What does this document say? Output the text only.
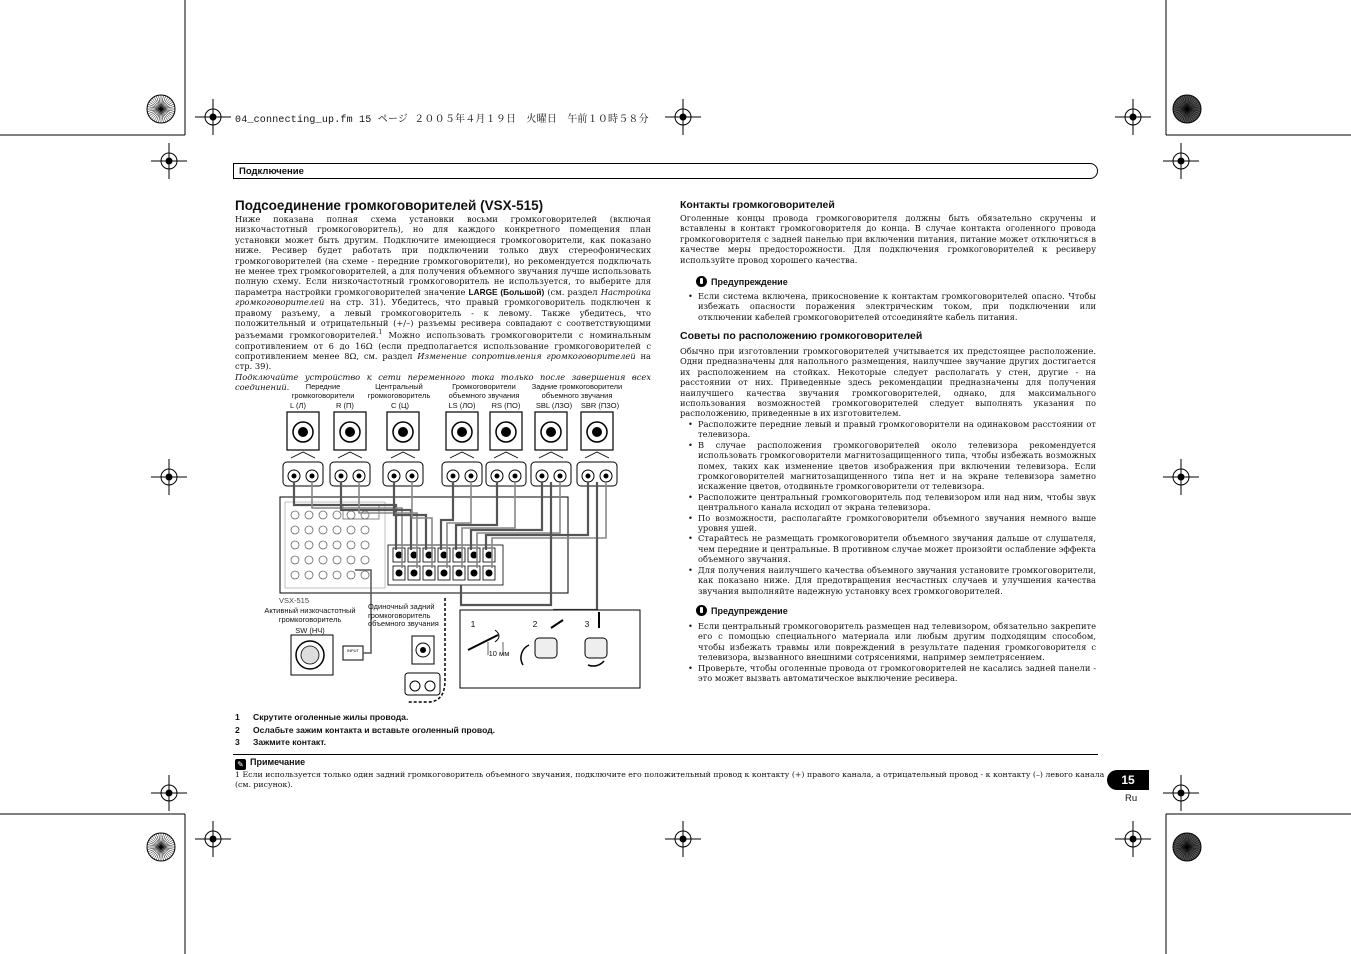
04_connecting_up.fm 15 ページ ２００５年４月１９日　火曜日　午前１０時５８分
Подключение
Подсоединение громкоговорителей (VSX-515)

Ниже показана полная схема установки восьми громкоговорителей (включая низкочастотный громкоговоритель), но для каждого конкретного помещения план установки может быть другим. Подключите имеющиеся громкоговорители, как показано ниже. Ресивер будет работать при подключении только двух стереофонических громкоговорителей (на схеме - передние громкоговорители), но рекомендуется подключать не менее трех громкоговорителей, а для получения объемного звучания лучше использовать полную схему. Если низкочастотный громкоговоритель не используется, то выберите для параметра настройки громкоговорителей значение LARGE (Большой) (см. раздел Настройка громкоговорителей на стр. 31). Убедитесь, что правый громкоговоритель подключен к правому разъему, а левый громкоговоритель - к левому. Также убедитесь, что положительный и отрицательный (+/–) разъемы ресивера совпадают с соответствующими разъемами громкоговорителей.$^1$ Можно использовать громкоговорители с номинальным сопротивлением от 6 до 16Ω (если предполагается использование громкоговорителей с сопротивлением менее 8Ω, см. раздел Изменение сопротивления громкоговорителей на стр. 39).

Подключайте устройство к сети переменного тока только после завершения всех соединений.

INPUT
Передние громкоговорители
Центральный громкоговоритель
Громкоговорители объемного звучания
Задние громкоговорители объемного звучания
L (Л)	R (П)	C (Ц)	LS (ЛО)	RS (ПО)	SBL (ЛЗО)	SBR (ПЗО)
VSX-515
Активный низкочастотный громкоговоритель
SW (НЧ)
Одиночный задний громкоговоритель объемного звучания	1	2	3
10 мм
1 Скрутите оголенные жилы провода.
2 Ослабьте зажим контакта и вставьте оголенный провод.
3 Зажмите контакт.
Контакты громкоговорителей

Оголенные концы провода громкоговорителя должны быть обязательно скручены и вставлены в контакт громкоговорителя до конца. В случае контакта оголенного провода громкоговорителя с задней панелью при включении питания, питание может отключиться в качестве меры предосторожности. Для подключения громкоговорителей к ресиверу используйте провод хорошего качества.

Предупреждение
• Если система включена, прикосновение к контактам громкоговорителей опасно. Чтобы избежать опасности поражения электрическим током, при подключении или отключении кабелей громкоговорителей отсоединяйте кабель питания.
Советы по расположению громкоговорителей

Обычно при изготовлении громкоговорителей учитывается их предстоящее расположение. Одни предназначены для напольного размещения, наилучшее звучание других достигается их расположением на стойках. Некоторые следует располагать у стен, другие - на расстоянии от них. Приведенные здесь рекомендации предназначены для получения наилучшего качества звучания громкоговорителей, однако, для максимального использования возможностей громкоговорителей следует выполнять указания по расположению, приведенные в их изготовителем.

• Расположите передние левый и правый громкоговорители на одинаковом расстоянии от телевизора.
• В случае расположения громкоговорителей около телевизора рекомендуется использовать громкоговорители магнитозащищенного типа, чтобы избежать возможных помех, таких как изменение цветов изображения при включении телевизора. Если громкоговорителей магнитозащищенного типа нет и на экране телевизора заметно искажение цветов, отодвиньте громкоговорители от телевизора.
• Расположите центральный громкоговоритель под телевизором или над ним, чтобы звук центрального канала исходил от экрана телевизора.
• По возможности, располагайте громкоговорители объемного звучания немного выше уровня ушей.
• Старайтесь не размещать громкоговорители объемного звучания дальше от слушателя, чем передние и центральные. В противном случае может произойти ослабление эффекта объемного звучания.
• Для получения наилучшего качества объемного звучания установите громкоговорители, как показано ниже. Для предотвращения несчастных случаев и улучшения качества звучания выполняйте надежную установку всех громкоговорителей.
Предупреждение
• Если центральный громкоговоритель размещен над телевизором, обязательно закрепите его с помощью специального материала или любым другим подходящим способом, чтобы избежать травмы или повреждений в результате падения громкоговорителя с телевизора, вызванного внешними сотрясениями, например землетрясением.
• Проверьте, чтобы оголенные провода от громкоговорителей не касались задней панели - это может вызвать автоматическое выключение ресивера.
✎ Примечание
1 Если используется только один задний громкоговоритель объемного звучания, подключите его положительный провод к контакту (+) правого канала, а отрицательный провод - к контакту (–) левого канала (см. рисунок).	15
Ru
